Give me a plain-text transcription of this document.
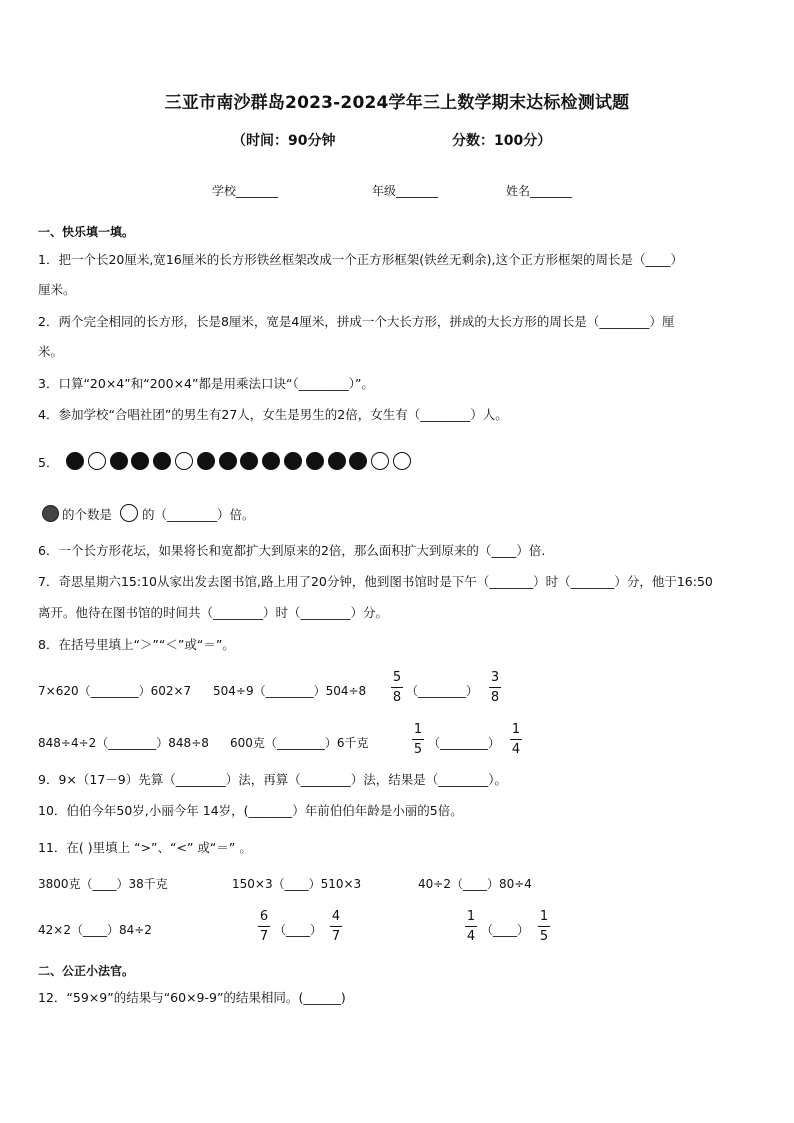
三亚市南沙群岛2023-2024学年三上数学期末达标检测试题
（时间：90分钟	分数：100分）
学校_______	年级_______	姓名_______
一、快乐填一填。
1．把一个长20厘米,宽16厘米的长方形铁丝框架改成一个正方形框架(铁丝无剩余),这个正方形框架的周长是（____）
厘米。
2．两个完全相同的长方形，长是8厘米，宽是4厘米，拼成一个大长方形，拼成的大长方形的周长是（________）厘
米。
3．口算“20×4”和“200×4”都是用乘法口诀“（________）”。
4．参加学校“合唱社团”的男生有27人，女生是男生的2倍，女生有（________）人。
5．
的个数是 的（________）倍。
6．一个长方形花坛，如果将长和宽都扩大到原来的2倍，那么面积扩大到原来的（____）倍.
7．奇思星期六15:10从家出发去图书馆,路上用了20分钟，他到图书馆时是下午（_______）时（_______）分，他于16:50
离开。他待在图书馆的时间共（________）时（________）分。
8．在括号里填上“＞”“＜”或“＝”。
7×620（________）602×7 504÷9（________）504÷8
5
8 （________）
3
8
848÷4÷2（________）848÷8 600克（________）6千克
1
5 （________）
1
4
9．9×（17－9）先算（________）法，再算（________）法，结果是（________）。
10．伯伯今年50岁,小丽今年 14岁，(_______）年前伯伯年龄是小丽的5倍。
11．在( )里填上 “>”、“<” 或“＝” 。
3800克（____）38千克	150×3（____）510×3	40÷2（____）80÷4
42×2（____）84÷2
6
7 （____）
4
7
1
4 （____）
1
5
二、公正小法官。
12．“59×9”的结果与“60×9-9”的结果相同。(______)
